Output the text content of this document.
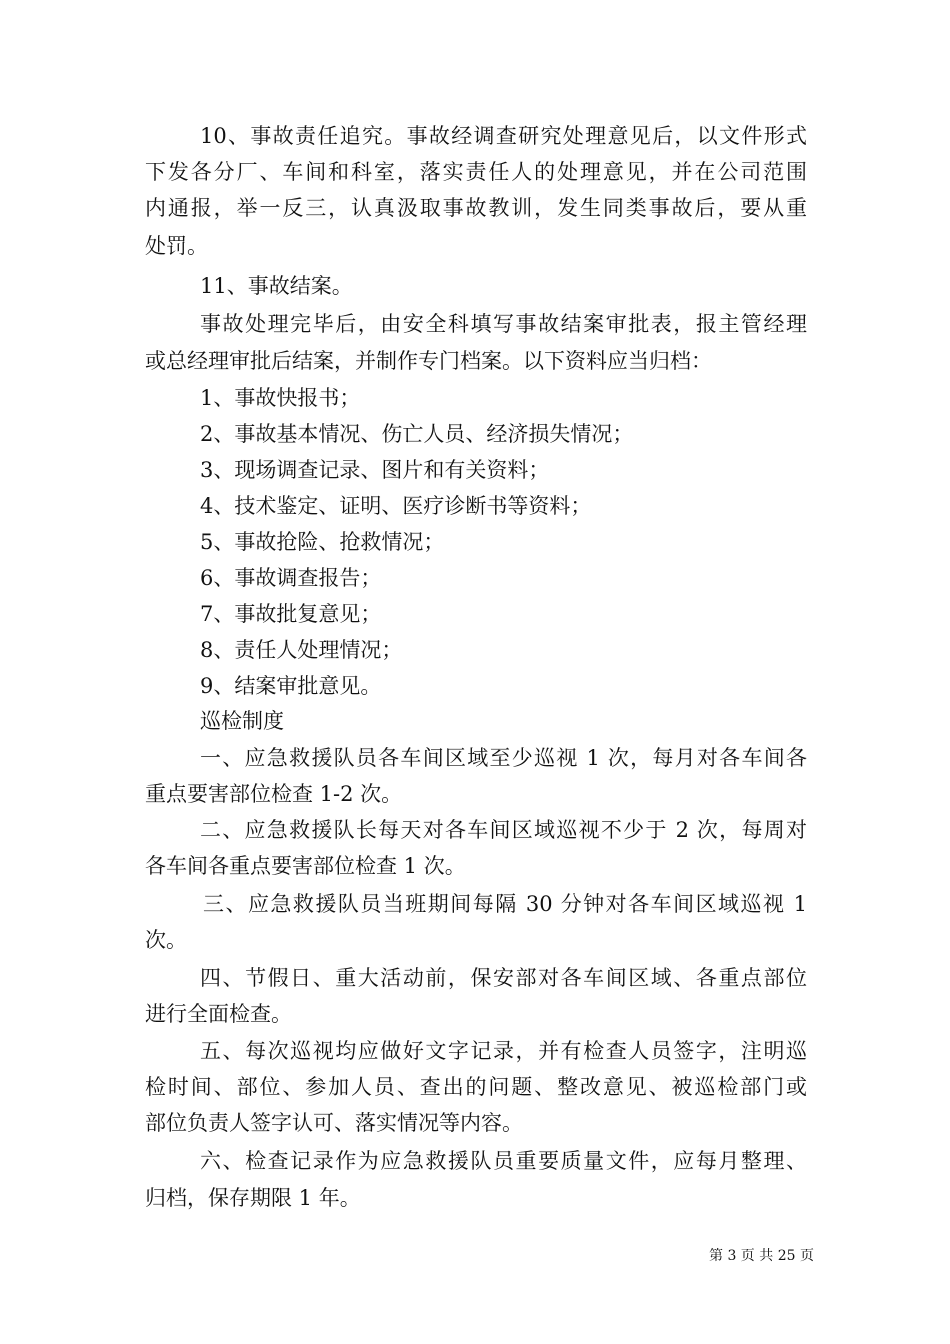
10、事故责任追究。事故经调查研究处理意见后，以文件形式
下发各分厂、车间和科室，落实责任人的处理意见，并在公司范围
内通报，举一反三，认真汲取事故教训，发生同类事故后，要从重
处罚。
11、事故结案。
事故处理完毕后，由安全科填写事故结案审批表，报主管经理
或总经理审批后结案，并制作专门档案。以下资料应当归档：
1、事故快报书；
2、事故基本情况、伤亡人员、经济损失情况；
3、现场调查记录、图片和有关资料；
4、技术鉴定、证明、医疗诊断书等资料；
5、事故抢险、抢救情况；
6、事故调查报告；
7、事故批复意见；
8、责任人处理情况；
9、结案审批意见。
巡检制度
一、应急救援队员各车间区域至少巡视 1 次，每月对各车间各
重点要害部位检查 1-2 次。
二、应急救援队长每天对各车间区域巡视不少于 2 次，每周对
各车间各重点要害部位检查 1 次。
三、应急救援队员当班期间每隔 30 分钟对各车间区域巡视 1
次。
四、节假日、重大活动前，保安部对各车间区域、各重点部位
进行全面检查。
五、每次巡视均应做好文字记录，并有检查人员签字，注明巡
检时间、部位、参加人员、查出的问题、整改意见、被巡检部门或
部位负责人签字认可、落实情况等内容。
六、检查记录作为应急救援队员重要质量文件，应每月整理、
归档，保存期限 1 年。
第 3 页 共 25 页
